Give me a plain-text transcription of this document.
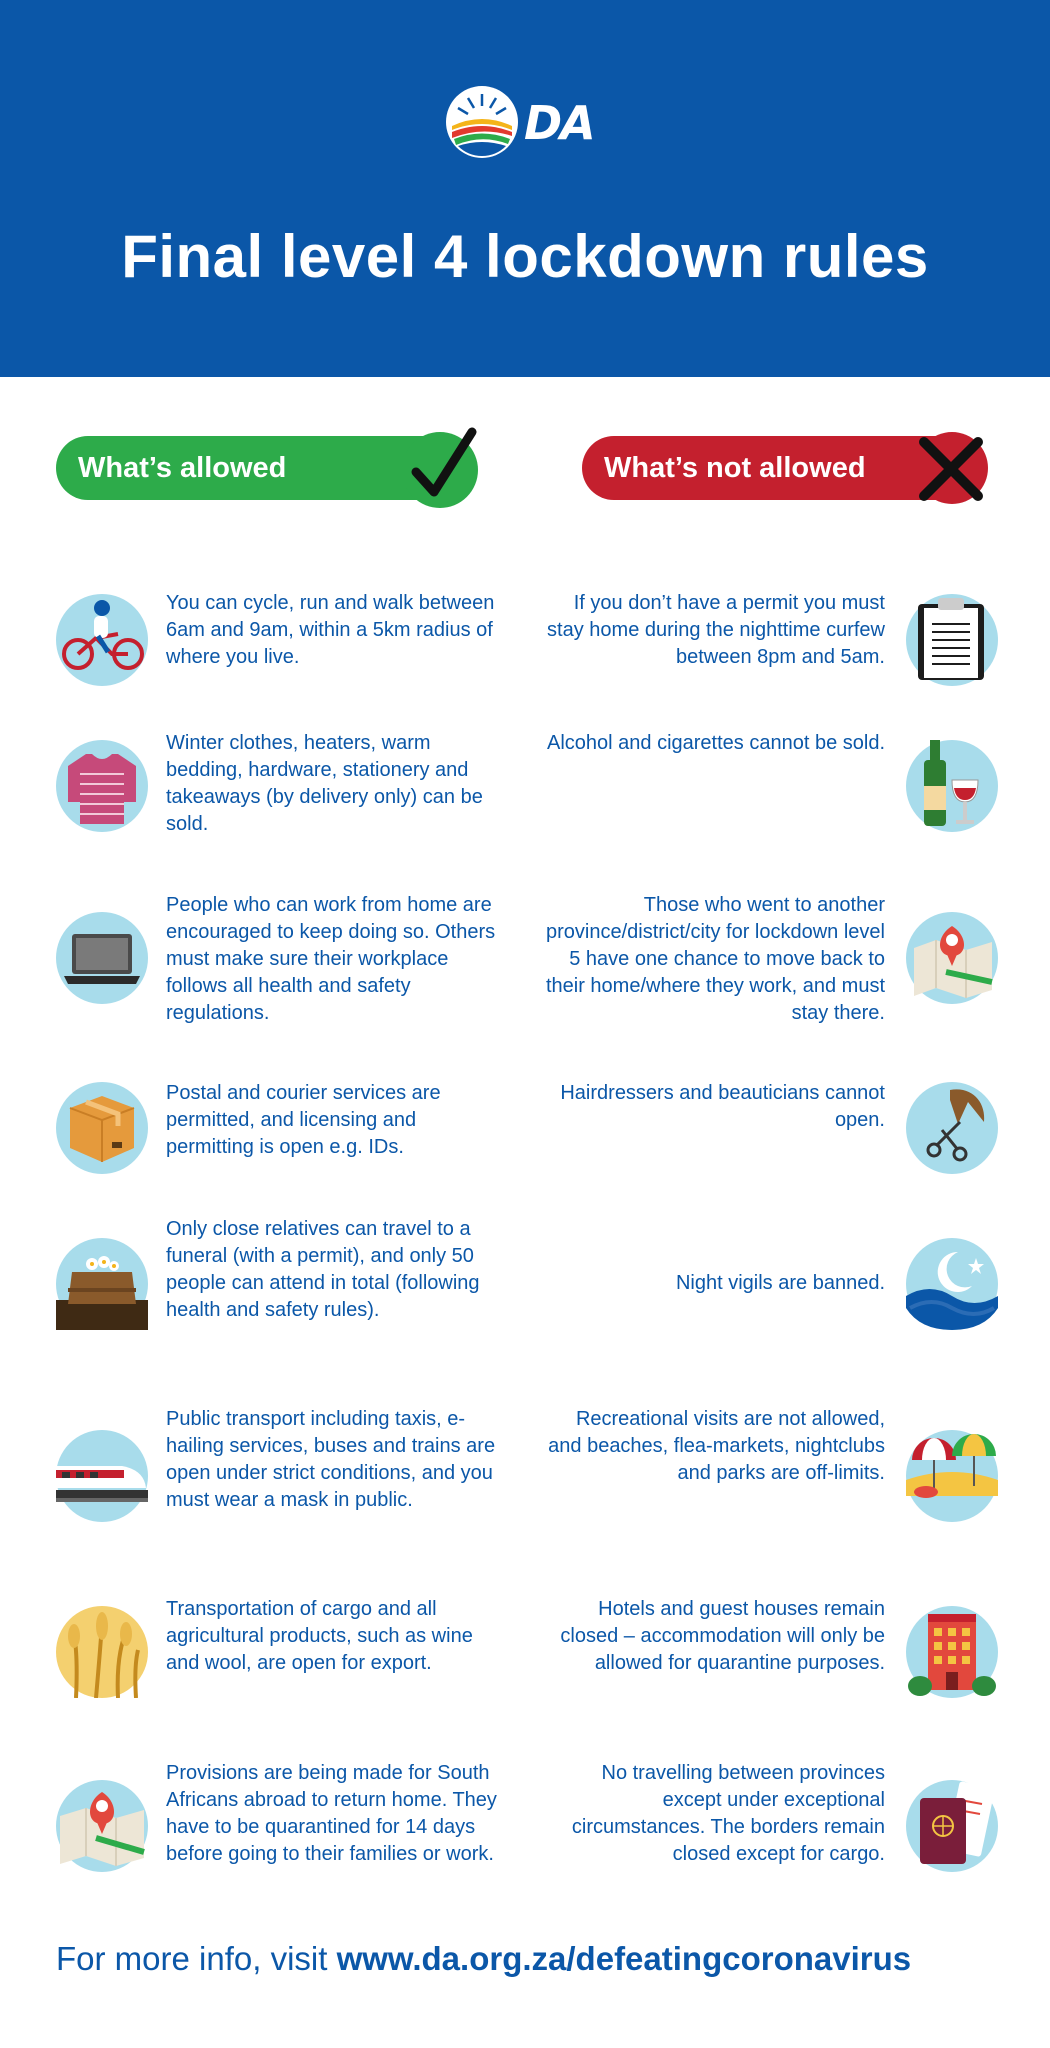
DA
Final level 4 lockdown rules
What’s allowed	What’s not allowed
You can cycle, run and walk between 6am and 9am, within a 5km radius of where you live.
If you don’t have a permit you must stay home during the nighttime curfew between 8pm and 5am.
Winter clothes, heaters, warm bedding, hardware, stationery and takeaways (by delivery only) can be sold.
Alcohol and cigarettes cannot be sold.
People who can work from home are encouraged to keep doing so. Others must make sure their workplace follows all health and safety regulations.
Those who went to another province/district/city for lockdown level 5 have one chance to move back to their home/where they work, and must stay there.
Postal and courier services are permitted, and licensing and permitting is open e.g. IDs.
Hairdressers and beauticians cannot open.
Only close relatives can travel to a funeral (with a permit), and only 50 people can attend in total (following health and safety rules).
Night vigils are banned.
Public transport including taxis, e-hailing services, buses and trains are open under strict conditions, and you must wear a mask in public.
Recreational visits are not allowed, and beaches, flea-markets, nightclubs and parks are off-limits.
Transportation of cargo and all agricultural products, such as wine and wool, are open for export.
Hotels and guest houses remain closed – accommodation will only be allowed for quarantine purposes.
Provisions are being made for South Africans abroad to return home. They have to be quarantined for 14 days before going to their families or work.
No travelling between provinces except under exceptional circumstances. The borders remain closed except for cargo.
For more info, visit www.da.org.za/defeatingcoronavirus
